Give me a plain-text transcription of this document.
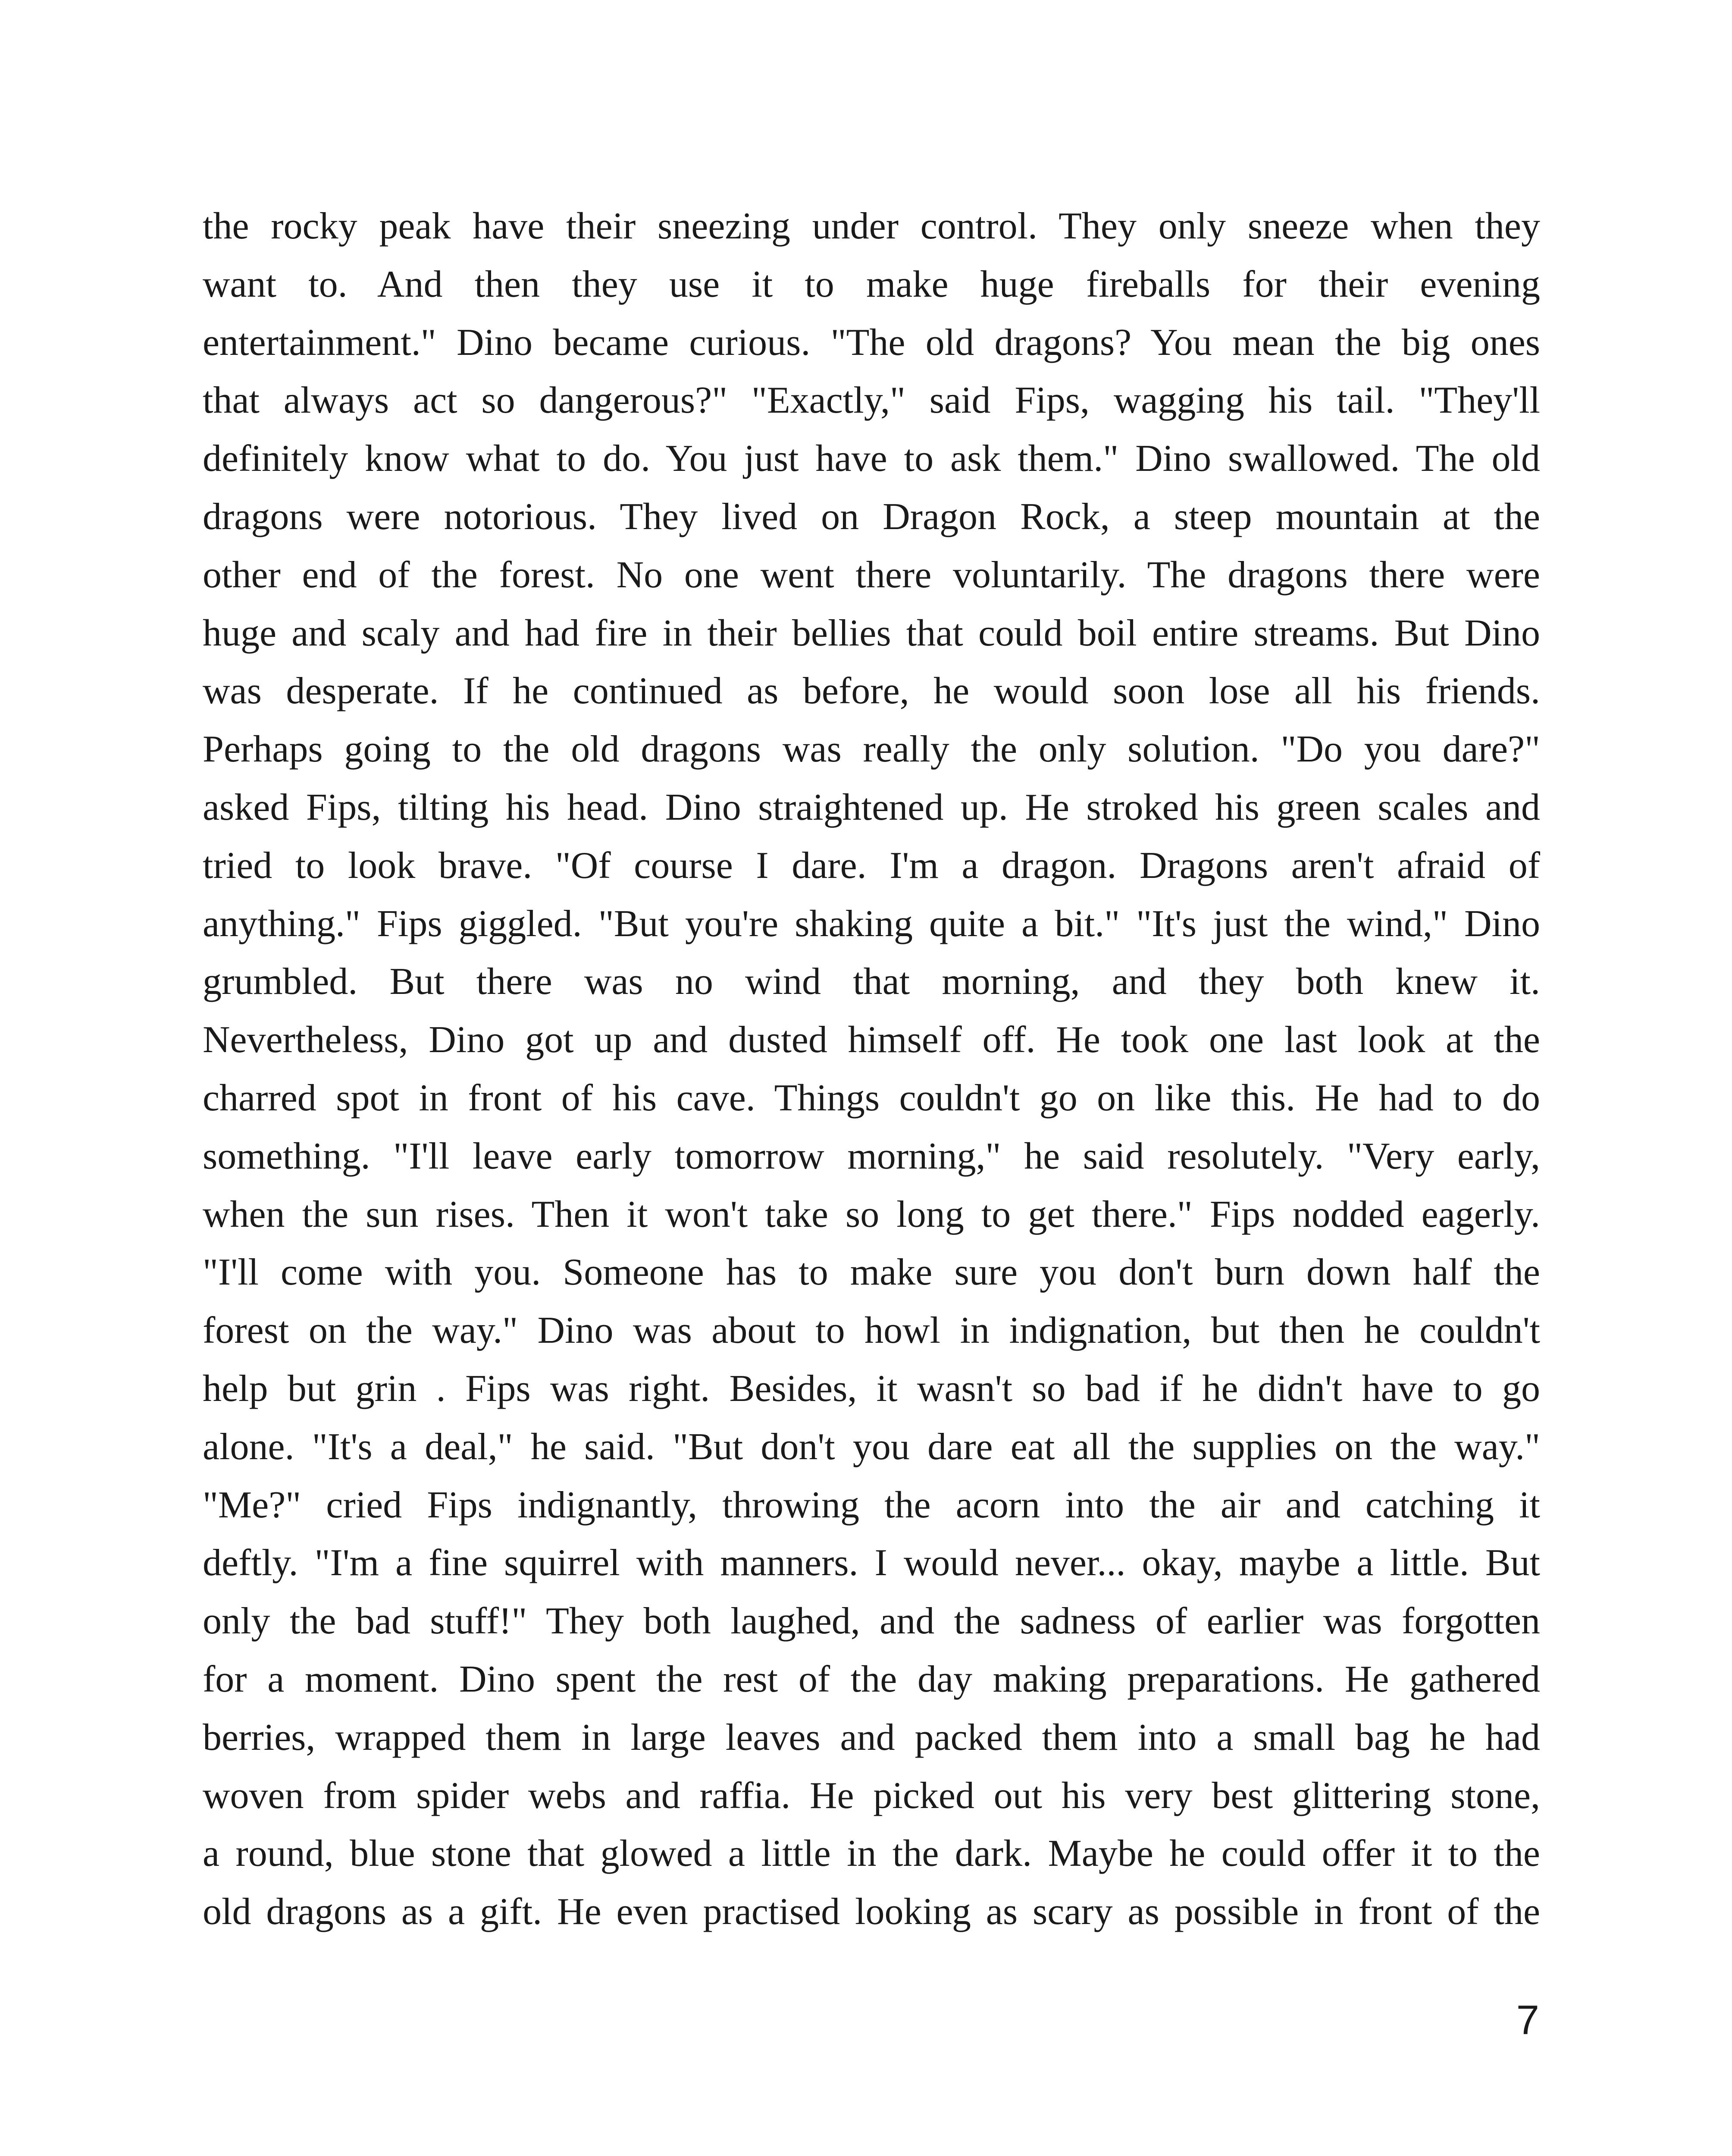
the rocky peak have their sneezing under control. They only sneeze when they
want to. And then they use it to make huge fireballs for their evening
entertainment." Dino became curious. "The old dragons? You mean the big ones
that always act so dangerous?" "Exactly," said Fips, wagging his tail. "They'll
definitely know what to do. You just have to ask them." Dino swallowed. The old
dragons were notorious. They lived on Dragon Rock, a steep mountain at the
other end of the forest. No one went there voluntarily. The dragons there were
huge and scaly and had fire in their bellies that could boil entire streams. But Dino
was desperate. If he continued as before, he would soon lose all his friends.
Perhaps going to the old dragons was really the only solution. "Do you dare?"
asked Fips, tilting his head. Dino straightened up. He stroked his green scales and
tried to look brave. "Of course I dare. I'm a dragon. Dragons aren't afraid of
anything." Fips giggled. "But you're shaking quite a bit." "It's just the wind," Dino
grumbled. But there was no wind that morning, and they both knew it.
Nevertheless, Dino got up and dusted himself off. He took one last look at the
charred spot in front of his cave. Things couldn't go on like this. He had to do
something. "I'll leave early tomorrow morning," he said resolutely. "Very early,
when the sun rises. Then it won't take so long to get there." Fips nodded eagerly.
"I'll come with you. Someone has to make sure you don't burn down half the
forest on the way." Dino was about to howl in indignation, but then he couldn't
help but grin . Fips was right. Besides, it wasn't so bad if he didn't have to go
alone. "It's a deal," he said. "But don't you dare eat all the supplies on the way."
"Me?" cried Fips indignantly, throwing the acorn into the air and catching it
deftly. "I'm a fine squirrel with manners. I would never... okay, maybe a little. But
only the bad stuff!" They both laughed, and the sadness of earlier was forgotten
for a moment. Dino spent the rest of the day making preparations. He gathered
berries, wrapped them in large leaves and packed them into a small bag he had
woven from spider webs and raffia. He picked out his very best glittering stone,
a round, blue stone that glowed a little in the dark. Maybe he could offer it to the
old dragons as a gift. He even practised looking as scary as possible in front of the
7
